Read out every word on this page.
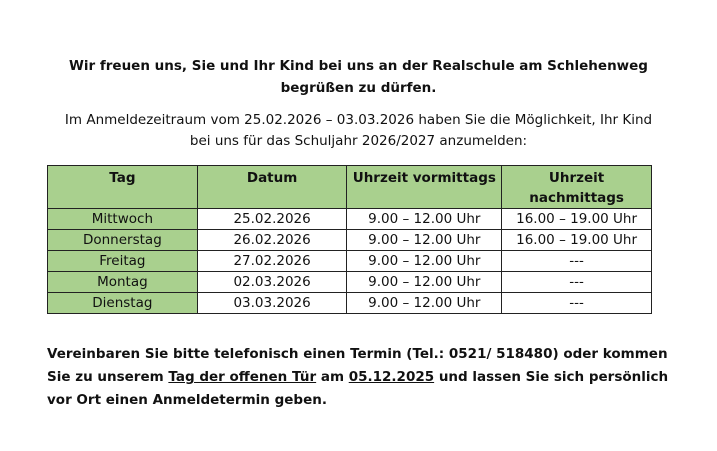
Wir freuen uns, Sie und Ihr Kind bei uns an der Realschule am Schlehenweg
begrüßen zu dürfen.
Im Anmeldezeitraum vom 25.02.2026 – 03.03.2026 haben Sie die Möglichkeit, Ihr Kind
bei uns für das Schuljahr 2026/2027 anzumelden:
Tag	Datum	Uhrzeit vormittags	Uhrzeit
nachmittags

Mittwoch	25.02.2026	9.00 – 12.00 Uhr	16.00 – 19.00 Uhr
Donnerstag	26.02.2026	9.00 – 12.00 Uhr	16.00 – 19.00 Uhr
Freitag	27.02.2026	9.00 – 12.00 Uhr	---
Montag	02.03.2026	9.00 – 12.00 Uhr	---
Dienstag	03.03.2026	9.00 – 12.00 Uhr	---
Vereinbaren Sie bitte telefonisch einen Termin (Tel.: 0521/ 518480) oder kommen
Sie zu unserem Tag der offenen Tür am 05.12.2025 und lassen Sie sich persönlich
vor Ort einen Anmeldetermin geben.
